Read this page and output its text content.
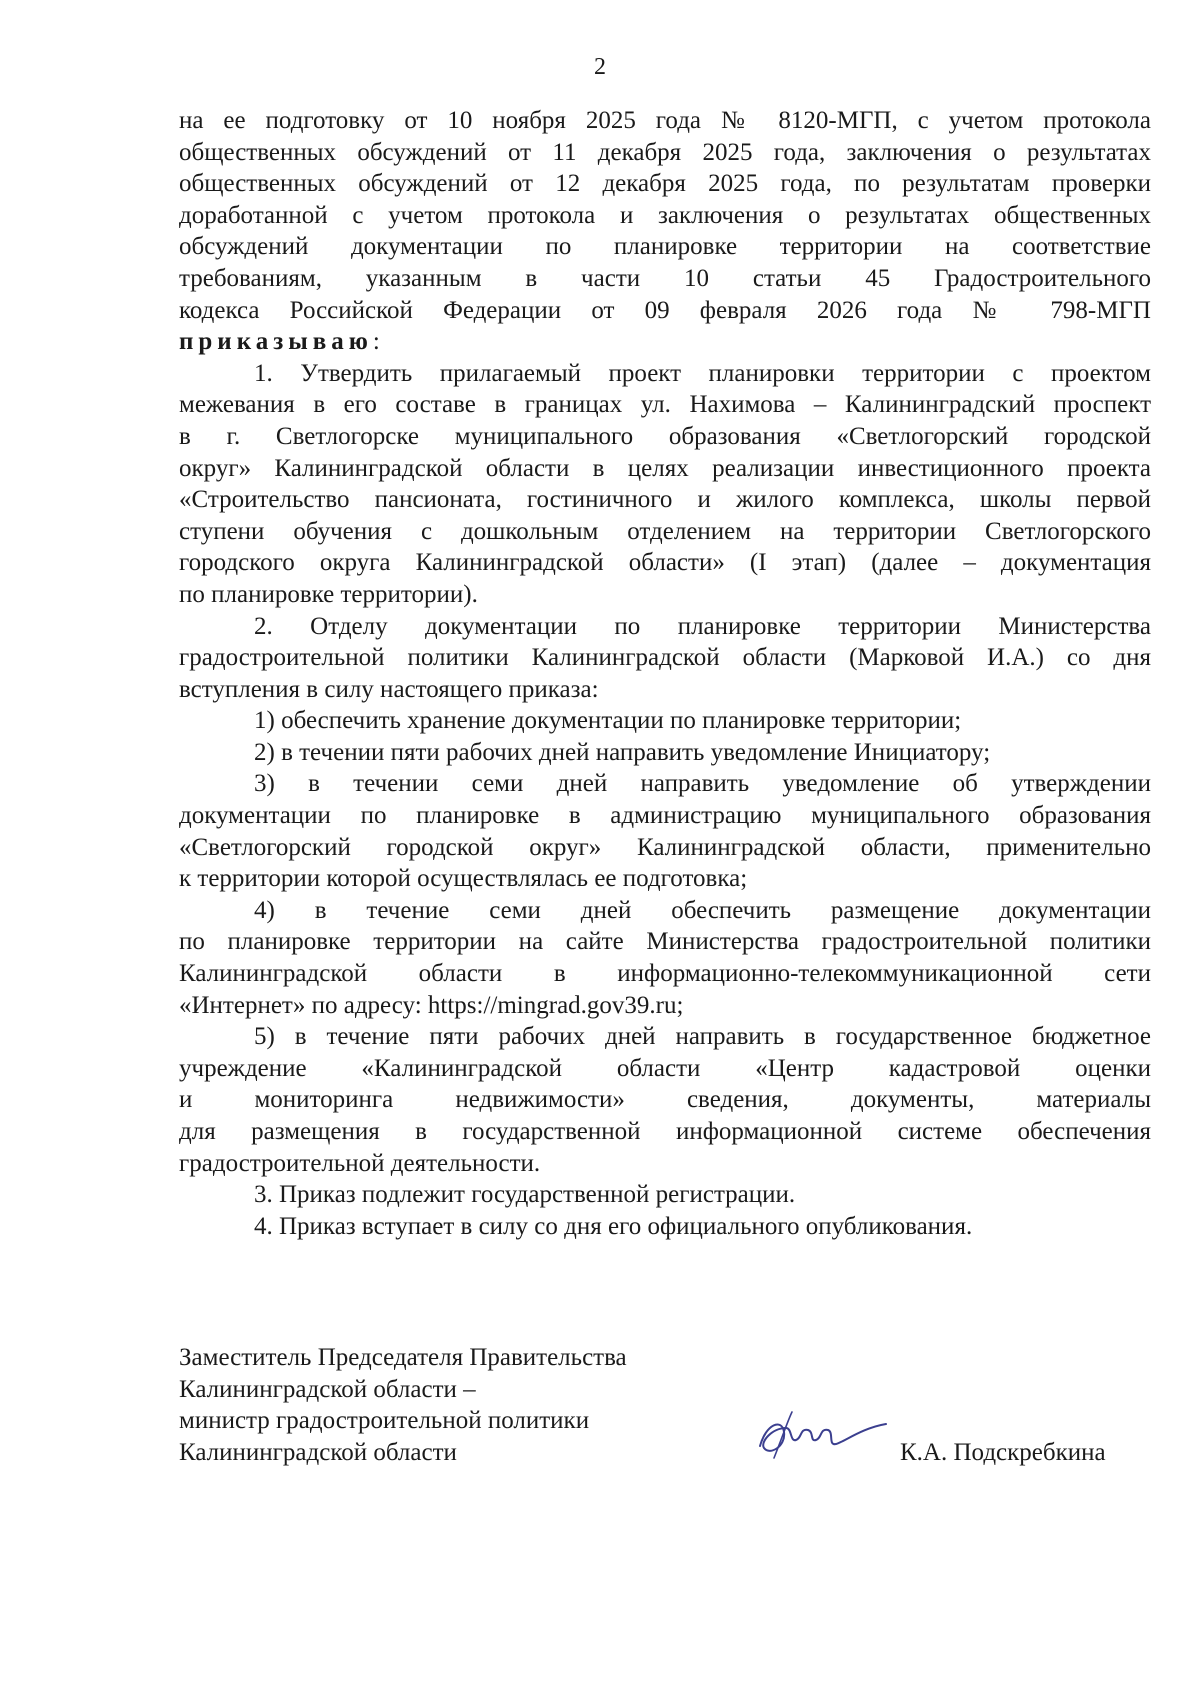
2
на ее подготовку от 10 ноября 2025 года № 8120-МГП, с учетом протокола
общественных обсуждений от 11 декабря 2025 года, заключения о результатах
общественных обсуждений от 12 декабря 2025 года, по результатам проверки
доработанной с учетом протокола и заключения о результатах общественных
обсуждений документации по планировке территории на соответствие
требованиям, указанным в части 10 статьи 45 Градостроительного
кодекса Российской Федерации от 09 февраля 2026 года № 798-МГП
приказываю:
1. Утвердить прилагаемый проект планировки территории с проектом
межевания в его составе в границах ул. Нахимова – Калининградский проспект
в г. Светлогорске муниципального образования «Светлогорский городской
округ» Калининградской области в целях реализации инвестиционного проекта
«Строительство пансионата, гостиничного и жилого комплекса, школы первой
ступени обучения с дошкольным отделением на территории Светлогорского
городского округа Калининградской области» (I этап) (далее – документация
по планировке территории).
2. Отделу документации по планировке территории Министерства
градостроительной политики Калининградской области (Марковой И.А.) со дня
вступления в силу настоящего приказа:
1) обеспечить хранение документации по планировке территории;
2) в течении пяти рабочих дней направить уведомление Инициатору;
3) в течении семи дней направить уведомление об утверждении
документации по планировке в администрацию муниципального образования
«Светлогорский городской округ» Калининградской области, применительно
к территории которой осуществлялась ее подготовка;
4) в течение семи дней обеспечить размещение документации
по планировке территории на сайте Министерства градостроительной политики
Калининградской области в информационно-телекоммуникационной сети
«Интернет» по адресу: https://mingrad.gov39.ru;
5) в течение пяти рабочих дней направить в государственное бюджетное
учреждение «Калининградской области «Центр кадастровой оценки
и мониторинга недвижимости» сведения, документы, материалы
для размещения в государственной информационной системе обеспечения
градостроительной деятельности.
3. Приказ подлежит государственной регистрации.
4. Приказ вступает в силу со дня его официального опубликования.
Заместитель Председателя Правительства
Калининградской области –
министр градостроительной политики
Калининградской области	К.А. Подскребкина
